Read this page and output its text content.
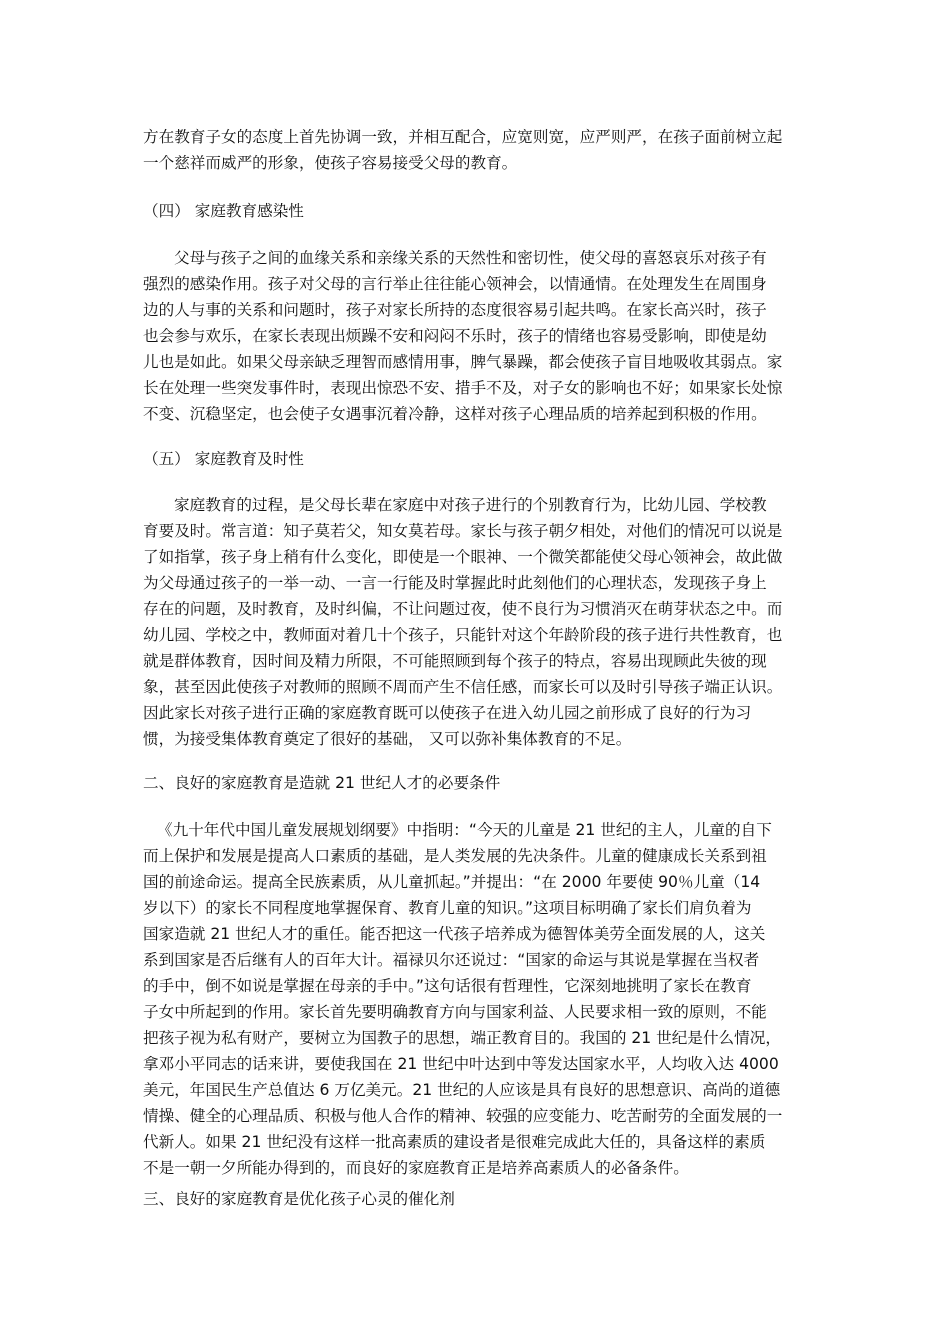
方在教育子女的态度上首先协调一致，并相互配合，应宽则宽，应严则严，在孩子面前树立起
一个慈祥而威严的形象，使孩子容易接受父母的教育。
（四） 家庭教育感染性
父母与孩子之间的血缘关系和亲缘关系的天然性和密切性，使父母的喜怒哀乐对孩子有
强烈的感染作用。孩子对父母的言行举止往往能心领神会，以情通情。在处理发生在周围身
边的人与事的关系和问题时，孩子对家长所持的态度很容易引起共鸣。在家长高兴时，孩子
也会参与欢乐，在家长表现出烦躁不安和闷闷不乐时，孩子的情绪也容易受影响，即使是幼
儿也是如此。如果父母亲缺乏理智而感情用事，脾气暴躁，都会使孩子盲目地吸收其弱点。家
长在处理一些突发事件时，表现出惊恐不安、措手不及，对子女的影响也不好；如果家长处惊
不变、沉稳坚定，也会使子女遇事沉着冷静，这样对孩子心理品质的培养起到积极的作用。
（五） 家庭教育及时性
家庭教育的过程，是父母长辈在家庭中对孩子进行的个别教育行为，比幼儿园、学校教
育要及时。常言道：知子莫若父，知女莫若母。家长与孩子朝夕相处，对他们的情况可以说是
了如指掌，孩子身上稍有什么变化，即使是一个眼神、一个微笑都能使父母心领神会，故此做
为父母通过孩子的一举一动、一言一行能及时掌握此时此刻他们的心理状态，发现孩子身上
存在的问题，及时教育，及时纠偏，不让问题过夜，使不良行为习惯消灭在萌芽状态之中。而
幼儿园、学校之中，教师面对着几十个孩子，只能针对这个年龄阶段的孩子进行共性教育，也
就是群体教育，因时间及精力所限，不可能照顾到每个孩子的特点，容易出现顾此失彼的现
象，甚至因此使孩子对教师的照顾不周而产生不信任感，而家长可以及时引导孩子端正认识。
因此家长对孩子进行正确的家庭教育既可以使孩子在进入幼儿园之前形成了良好的行为习
惯，为接受集体教育奠定了很好的基础， 又可以弥补集体教育的不足。
二、良好的家庭教育是造就 21 世纪人才的必要条件
《九十年代中国儿童发展规划纲要》中指明：“今天的儿童是 21 世纪的主人，儿童的自下
而上保护和发展是提高人口素质的基础，是人类发展的先决条件。儿童的健康成长关系到祖
国的前途命运。提高全民族素质，从儿童抓起。”并提出：“在 2000 年要使 90％儿童（14
岁以下）的家长不同程度地掌握保育、教育儿童的知识。”这项目标明确了家长们肩负着为
国家造就 21 世纪人才的重任。能否把这一代孩子培养成为德智体美劳全面发展的人，这关
系到国家是否后继有人的百年大计。福禄贝尔还说过：“国家的命运与其说是掌握在当权者
的手中，倒不如说是掌握在母亲的手中。”这句话很有哲理性，它深刻地挑明了家长在教育
子女中所起到的作用。家长首先要明确教育方向与国家利益、人民要求相一致的原则，不能
把孩子视为私有财产，要树立为国教子的思想，端正教育目的。我国的 21 世纪是什么情况，
拿邓小平同志的话来讲，要使我国在 21 世纪中叶达到中等发达国家水平，人均收入达 4000
美元，年国民生产总值达 6 万亿美元。21 世纪的人应该是具有良好的思想意识、高尚的道德
情操、健全的心理品质、积极与他人合作的精神、较强的应变能力、吃苦耐劳的全面发展的一
代新人。如果 21 世纪没有这样一批高素质的建设者是很难完成此大任的，具备这样的素质
不是一朝一夕所能办得到的，而良好的家庭教育正是培养高素质人的必备条件。
三、良好的家庭教育是优化孩子心灵的催化剂
